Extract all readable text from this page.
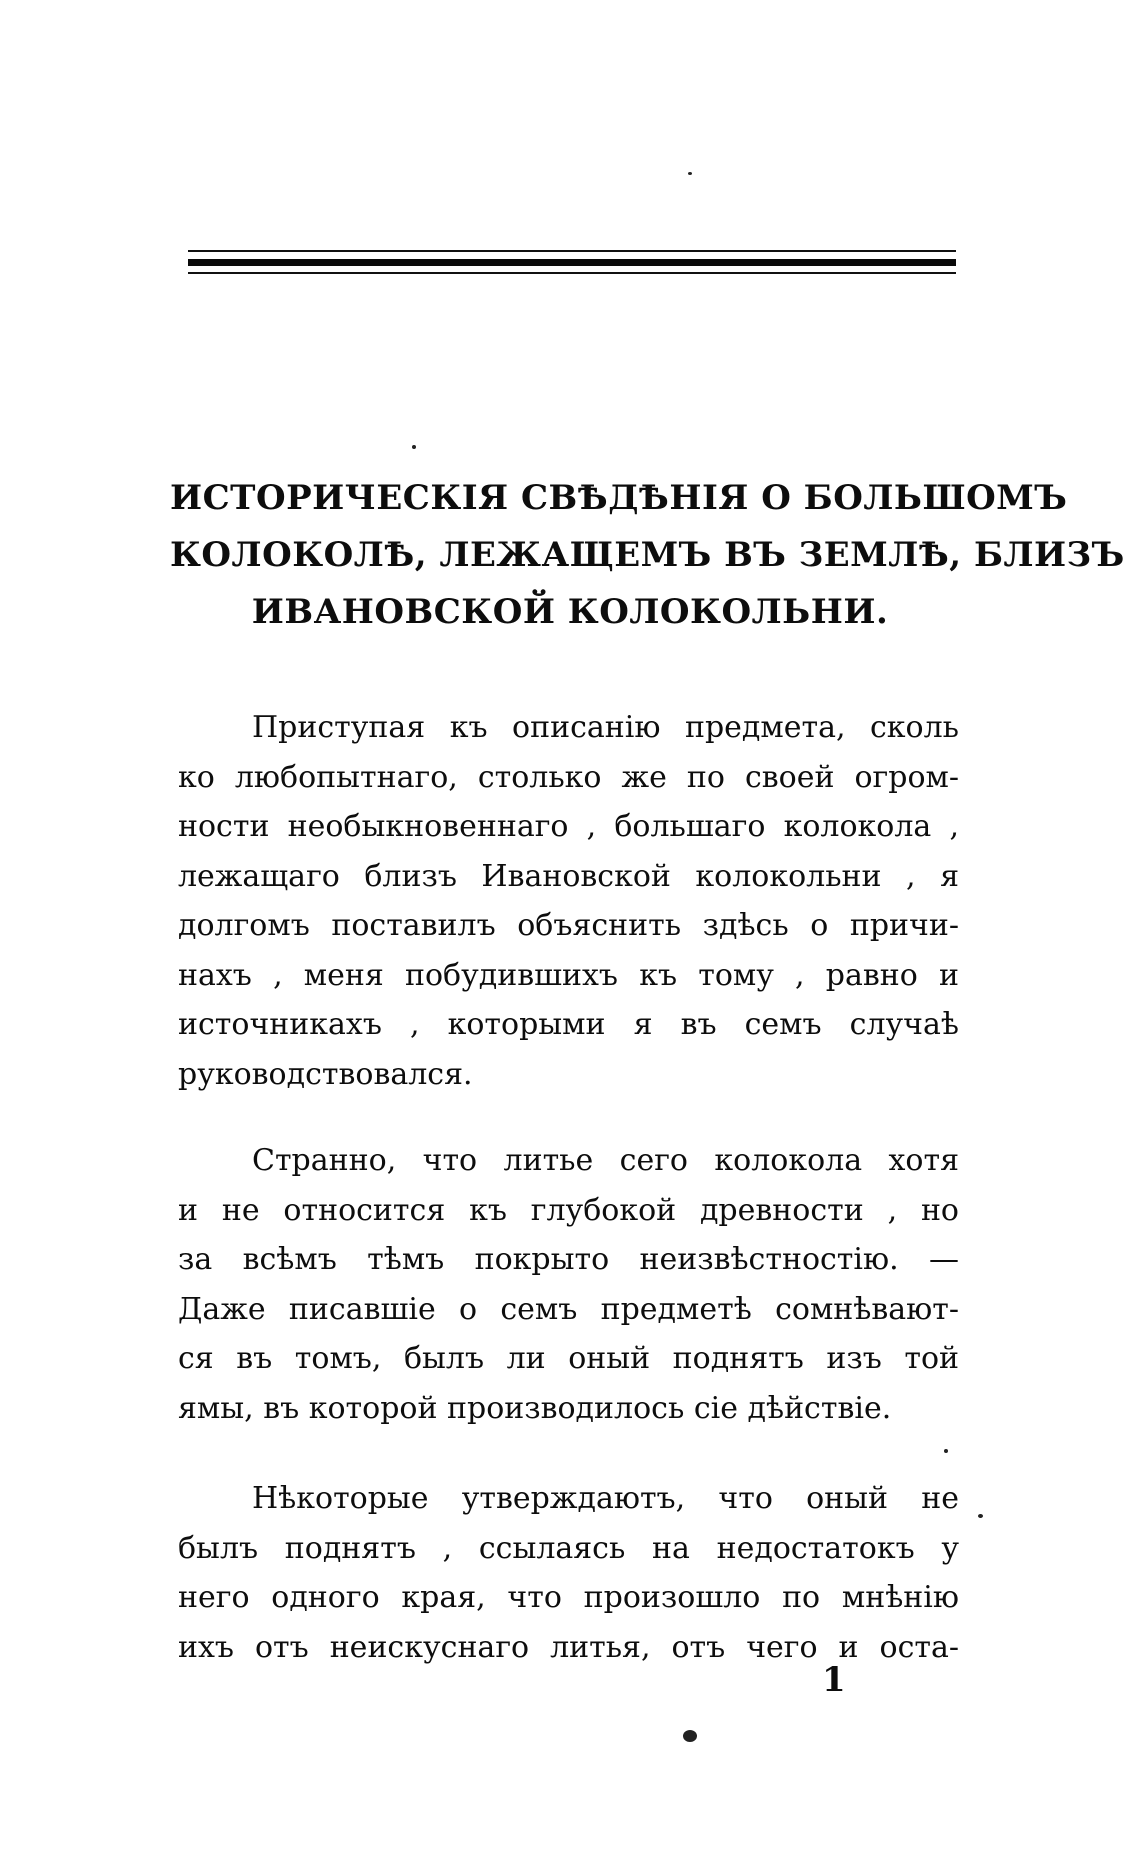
ИСТОРИЧЕСКІЯ СВѢДѢНІЯ О БОЛЬШОМЪ
КОЛОКОЛѢ, ЛЕЖАЩЕМЪ ВЪ ЗЕМЛѢ, БЛИЗЪ
ИВАНОВСКОЙ КОЛОКОЛЬНИ.
Приступая къ описанію предмета, сколь
ко любопытнаго, столько же по своей огром-
ности необыкновеннаго , большаго колокола ,
лежащаго близъ Ивановской колокольни , я
долгомъ поставилъ объяснить здѣсь о причи-
нахъ , меня побудившихъ къ тому , равно и
источникахъ , которыми я въ семъ случаѣ
руководствовался.
Странно, что литье сего колокола хотя
и не относится къ глубокой древности , но
за всѣмъ тѣмъ покрыто неизвѣстностію. —
Даже писавшіе о семъ предметѣ сомнѣвают-
ся въ томъ, былъ ли оный поднятъ изъ той
ямы, въ которой производилось сіе дѣйствіе.
Нѣкоторые утверждаютъ, что оный не
былъ поднятъ , ссылаясь на недостатокъ у
него одного края, что произошло по мнѣнію
ихъ отъ неискуснаго литья, отъ чего и оста-
1
